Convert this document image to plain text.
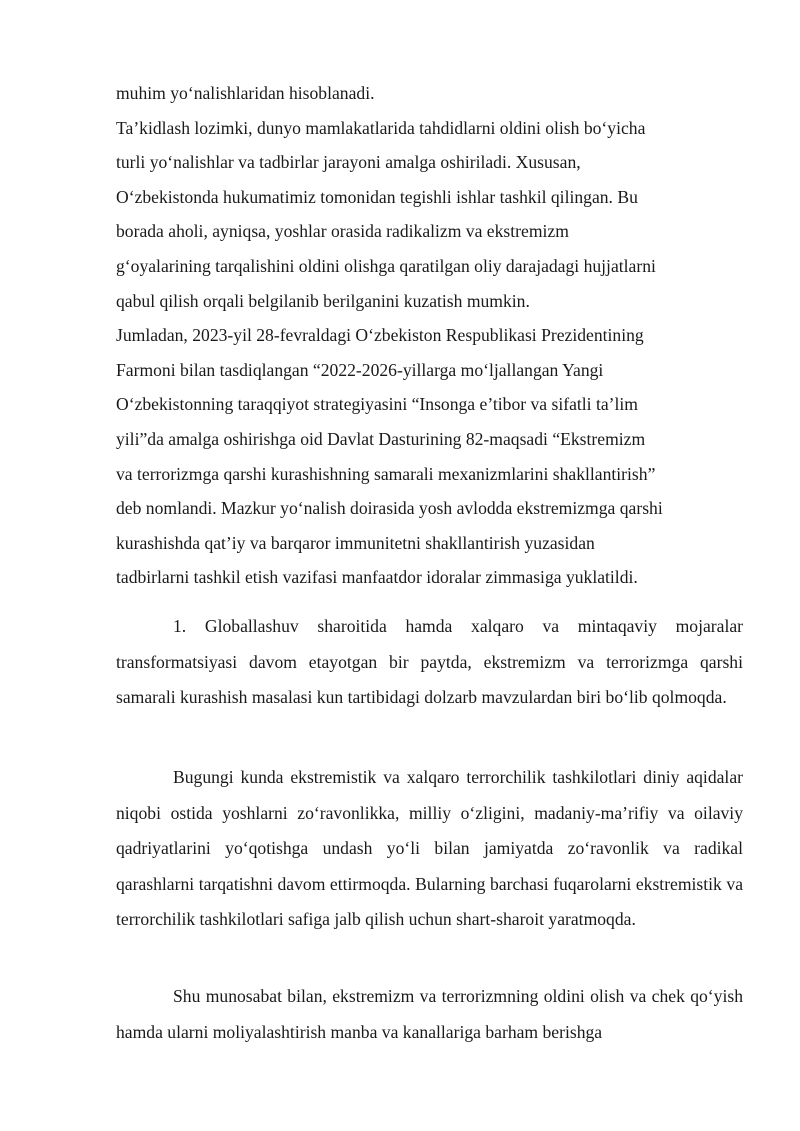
muhim yo‘nalishlaridan hisoblanadi.
Ta’kidlash lozimki, dunyo mamlakatlarida tahdidlarni oldini olish bo‘yicha
turli yo‘nalishlar va tadbirlar jarayoni amalga oshiriladi. Xususan,
O‘zbekistonda hukumatimiz tomonidan tegishli ishlar tashkil qilingan. Bu
borada aholi, ayniqsa, yoshlar orasida radikalizm va ekstremizm
g‘oyalarining tarqalishini oldini olishga qaratilgan oliy darajadagi hujjatlarni
qabul qilish orqali belgilanib berilganini kuzatish mumkin.
Jumladan, 2023-yil 28-fevraldagi O‘zbekiston Respublikasi Prezidentining
Farmoni bilan tasdiqlangan “2022-2026-yillarga mo‘ljallangan Yangi
O‘zbekistonning taraqqiyot strategiyasini “Insonga e’tibor va sifatli ta’lim
yili”da amalga oshirishga oid Davlat Dasturining 82-maqsadi “Ekstremizm
va terrorizmga qarshi kurashishning samarali mexanizmlarini shakllantirish”
deb nomlandi. Mazkur yo‘nalish doirasida yosh avlodda ekstremizmga qarshi
kurashishda qat’iy va barqaror immunitetni shakllantirish yuzasidan
tadbirlarni tashkil etish vazifasi manfaatdor idoralar zimmasiga yuklatildi.

1. Globallashuv sharoitida hamda xalqaro va mintaqaviy mojaralar transformatsiyasi davom etayotgan bir paytda, ekstremizm va terrorizmga qarshi samarali kurashish masalasi kun tartibidagi dolzarb mavzulardan biri bo‘lib qolmoqda.

Bugungi kunda ekstremistik va xalqaro terrorchilik tashkilotlari diniy aqidalar niqobi ostida yoshlarni zo‘ravonlikka, milliy o‘zligini, madaniy-ma’rifiy va oilaviy qadriyatlarini yo‘qotishga undash yo‘li bilan jamiyatda zo‘ravonlik va radikal qarashlarni tarqatishni davom ettirmoqda. Bularning barchasi fuqarolarni ekstremistik va terrorchilik tashkilotlari safiga jalb qilish uchun shart-sharoit yaratmoqda.

Shu munosabat bilan, ekstremizm va terrorizmning oldini olish va chek qo‘yish hamda ularni moliyalashtirish manba va kanallariga barham berishga
